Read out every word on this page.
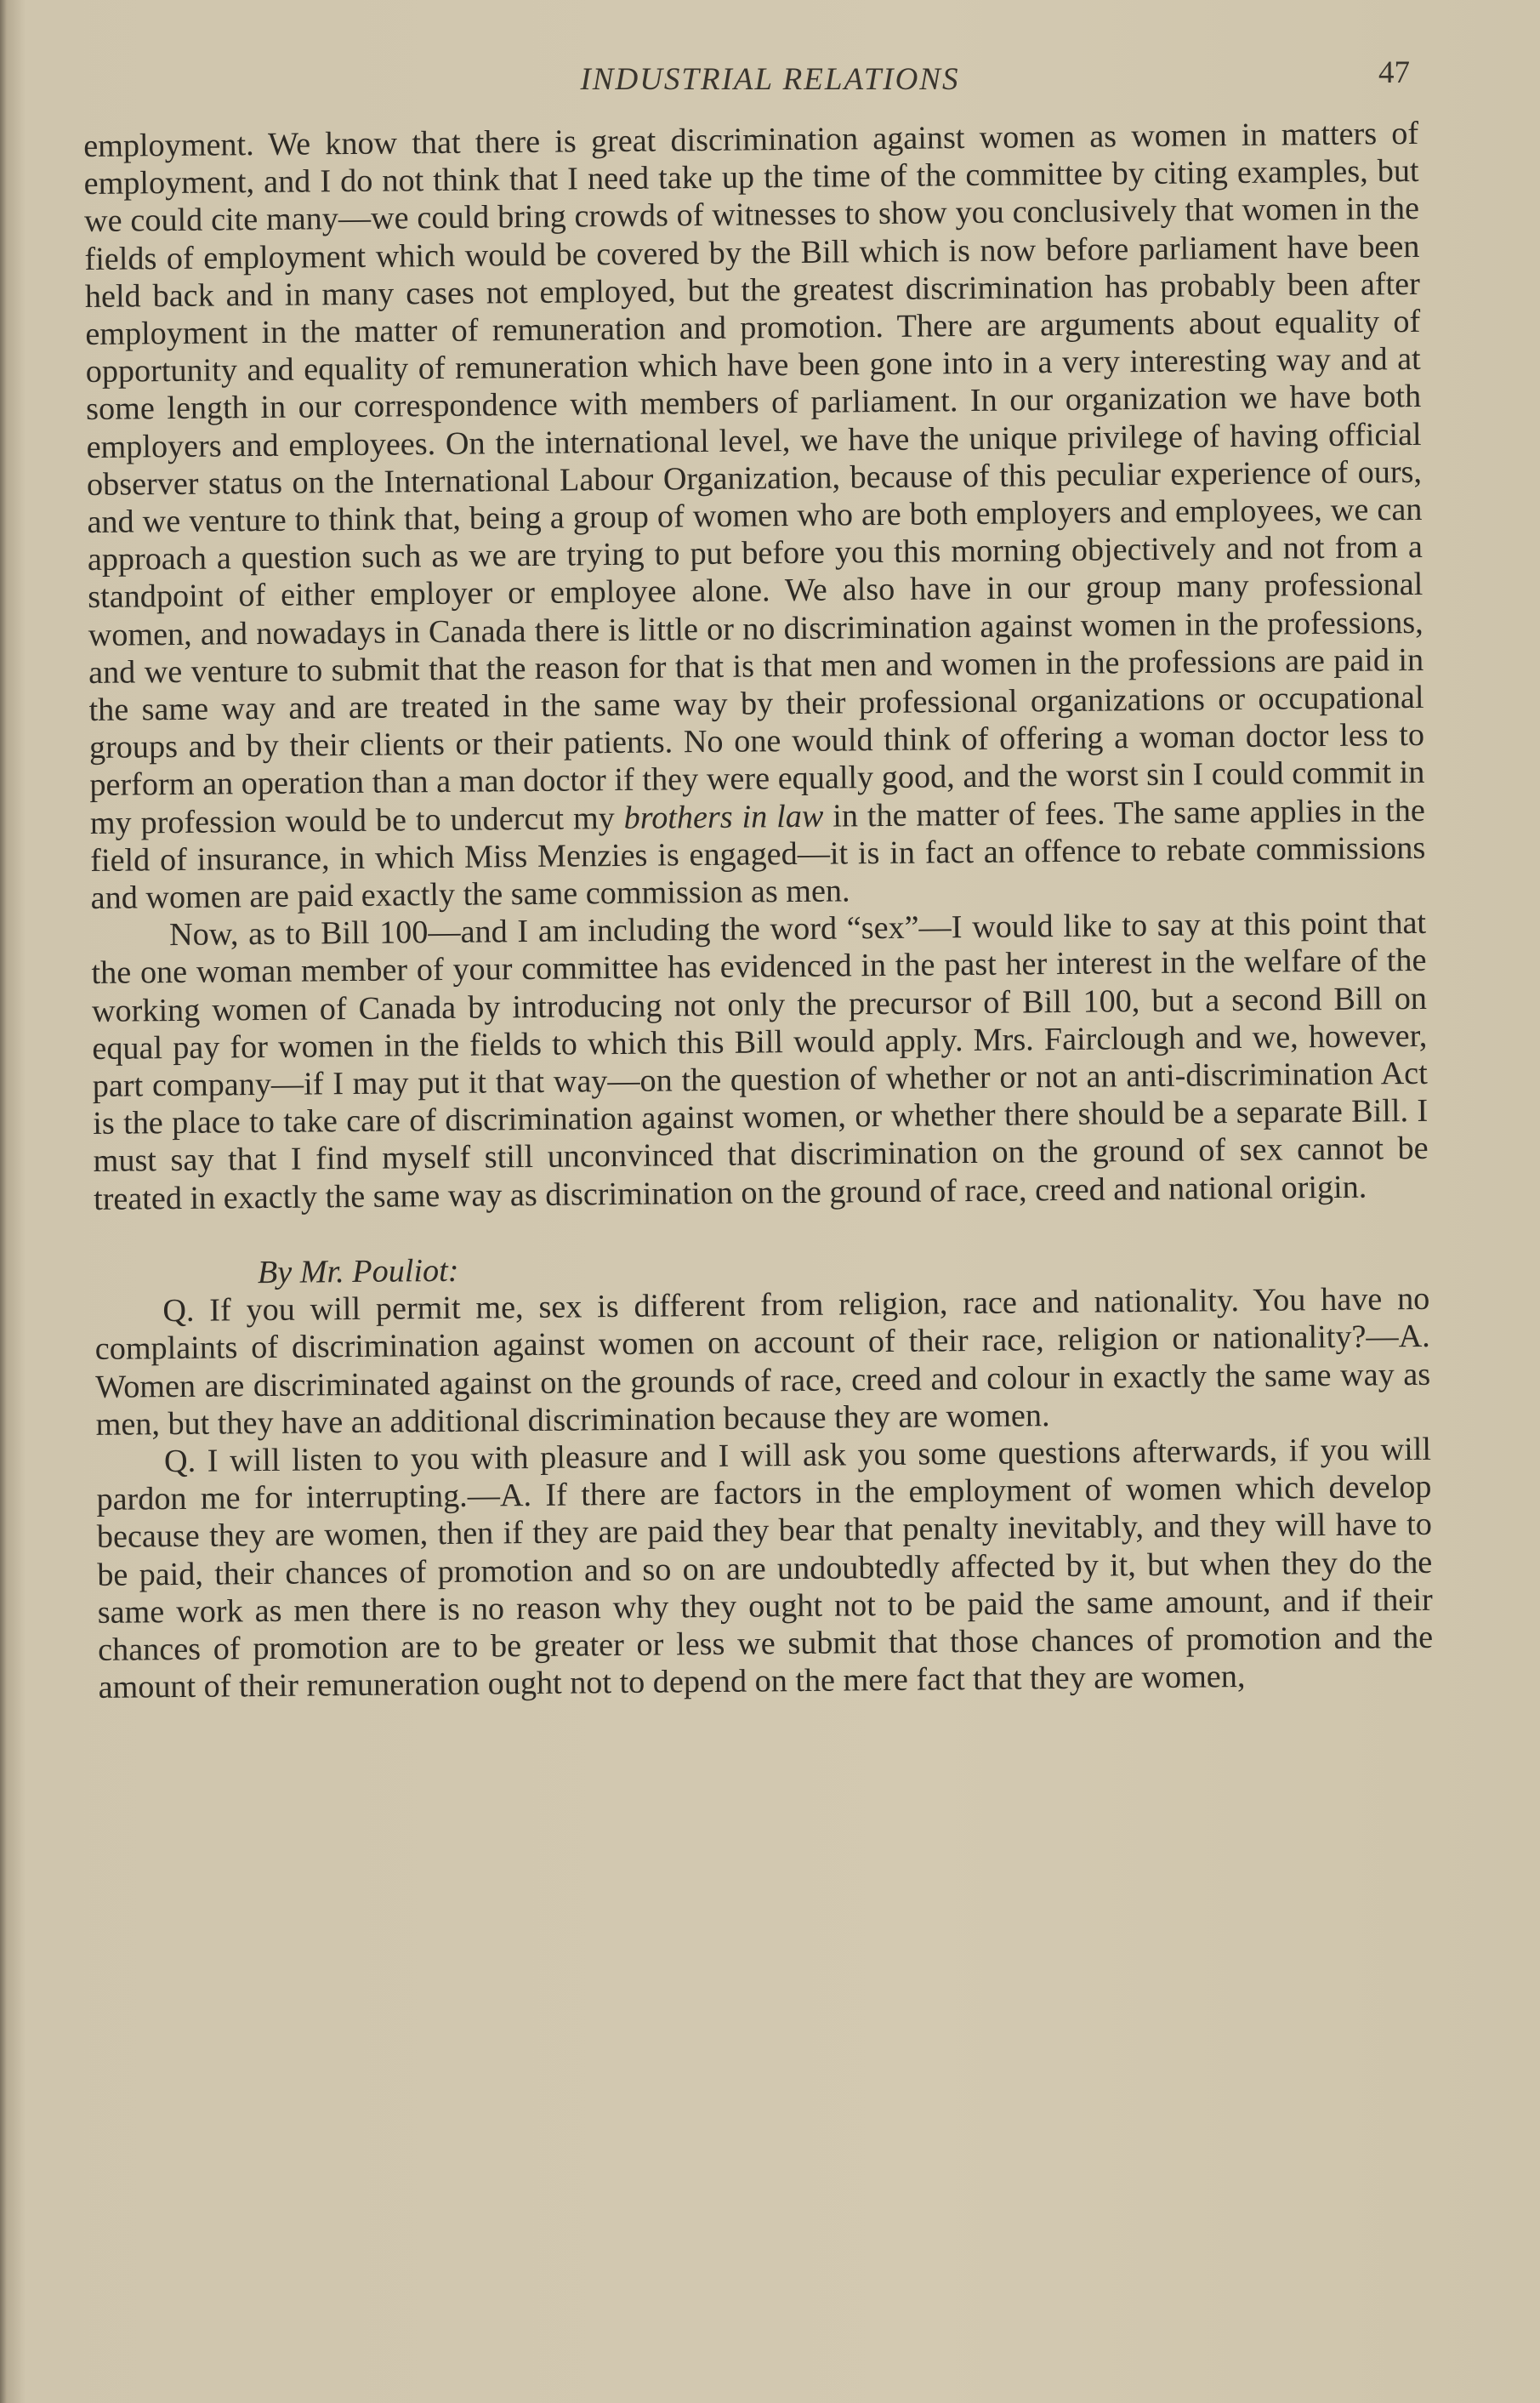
INDUSTRIAL RELATIONS	47

employment. We know that there is great discrimination against women as women in matters of employment, and I do not think that I need take up the time of the committee by citing examples, but we could cite many—we could bring crowds of witnesses to show you conclusively that women in the fields of employment which would be covered by the Bill which is now before parliament have been held back and in many cases not employed, but the greatest discrimination has probably been after employment in the matter of remuneration and promotion. There are arguments about equality of opportunity and equality of remuneration which have been gone into in a very interesting way and at some length in our correspondence with members of parliament. In our organization we have both employers and employees. On the international level, we have the unique privilege of having official observer status on the International Labour Organization, because of this peculiar experience of ours, and we venture to think that, being a group of women who are both employers and employees, we can approach a question such as we are trying to put before you this morning objectively and not from a standpoint of either employer or employee alone. We also have in our group many professional women, and nowadays in Canada there is little or no discrimination against women in the professions, and we venture to submit that the reason for that is that men and women in the professions are paid in the same way and are treated in the same way by their professional organizations or occupational groups and by their clients or their patients. No one would think of offering a woman doctor less to perform an operation than a man doctor if they were equally good, and the worst sin I could commit in my profession would be to undercut my brothers in law in the matter of fees. The same applies in the field of insurance, in which Miss Menzies is engaged—it is in fact an offence to rebate commissions and women are paid exactly the same commission as men.

Now, as to Bill 100—and I am including the word “sex”—I would like to say at this point that the one woman member of your committee has evidenced in the past her interest in the welfare of the working women of Canada by introducing not only the precursor of Bill 100, but a second Bill on equal pay for women in the fields to which this Bill would apply. Mrs. Fairclough and we, however, part company—if I may put it that way—on the question of whether or not an anti-discrimination Act is the place to take care of discrimination against women, or whether there should be a separate Bill. I must say that I find myself still unconvinced that discrimination on the ground of sex cannot be treated in exactly the same way as discrimination on the ground of race, creed and national origin.

By Mr. Pouliot:

Q. If you will permit me, sex is different from religion, race and nationality. You have no complaints of discrimination against women on account of their race, religion or nationality?—A. Women are discriminated against on the grounds of race, creed and colour in exactly the same way as men, but they have an additional discrimination because they are women.

Q. I will listen to you with pleasure and I will ask you some questions afterwards, if you will pardon me for interrupting.—A. If there are factors in the employment of women which develop because they are women, then if they are paid they bear that penalty inevitably, and they will have to be paid, their chances of promotion and so on are undoubtedly affected by it, but when they do the same work as men there is no reason why they ought not to be paid the same amount, and if their chances of promotion are to be greater or less we submit that those chances of promotion and the amount of their remuneration ought not to depend on the mere fact that they are women,
